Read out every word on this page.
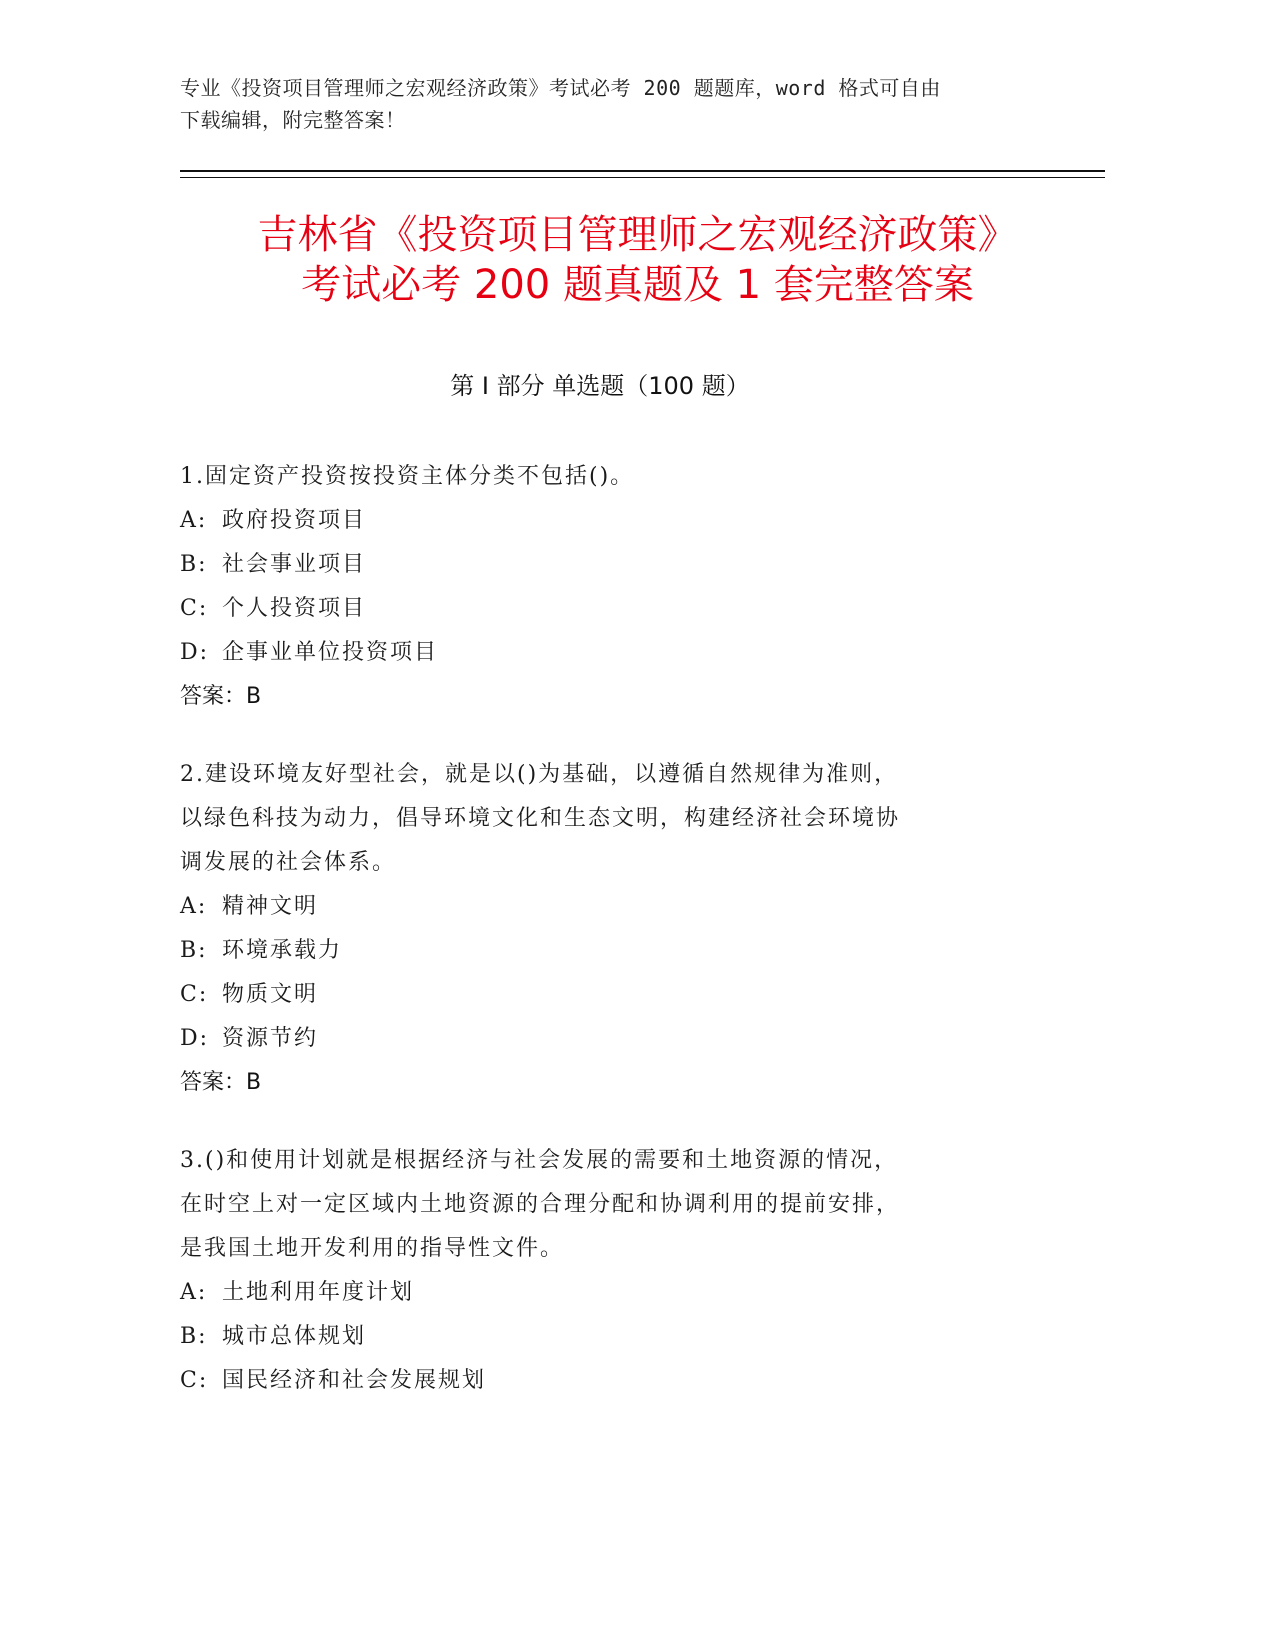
专业《投资项目管理师之宏观经济政策》考试必考 200 题题库，word 格式可自由
下载编辑，附完整答案！
吉林省《投资项目管理师之宏观经济政策》
考试必考 200 题真题及 1 套完整答案
第 I 部分 单选题（100 题）
1.固定资产投资按投资主体分类不包括()。
A: 政府投资项目
B: 社会事业项目
C: 个人投资项目
D: 企事业单位投资项目
答案：B
2.建设环境友好型社会，就是以()为基础，以遵循自然规律为准则，
以绿色科技为动力，倡导环境文化和生态文明，构建经济社会环境协
调发展的社会体系。
A: 精神文明
B: 环境承载力
C: 物质文明
D: 资源节约
答案：B
3.()和使用计划就是根据经济与社会发展的需要和土地资源的情况，
在时空上对一定区域内土地资源的合理分配和协调利用的提前安排，
是我国土地开发利用的指导性文件。
A: 土地利用年度计划
B: 城市总体规划
C: 国民经济和社会发展规划
